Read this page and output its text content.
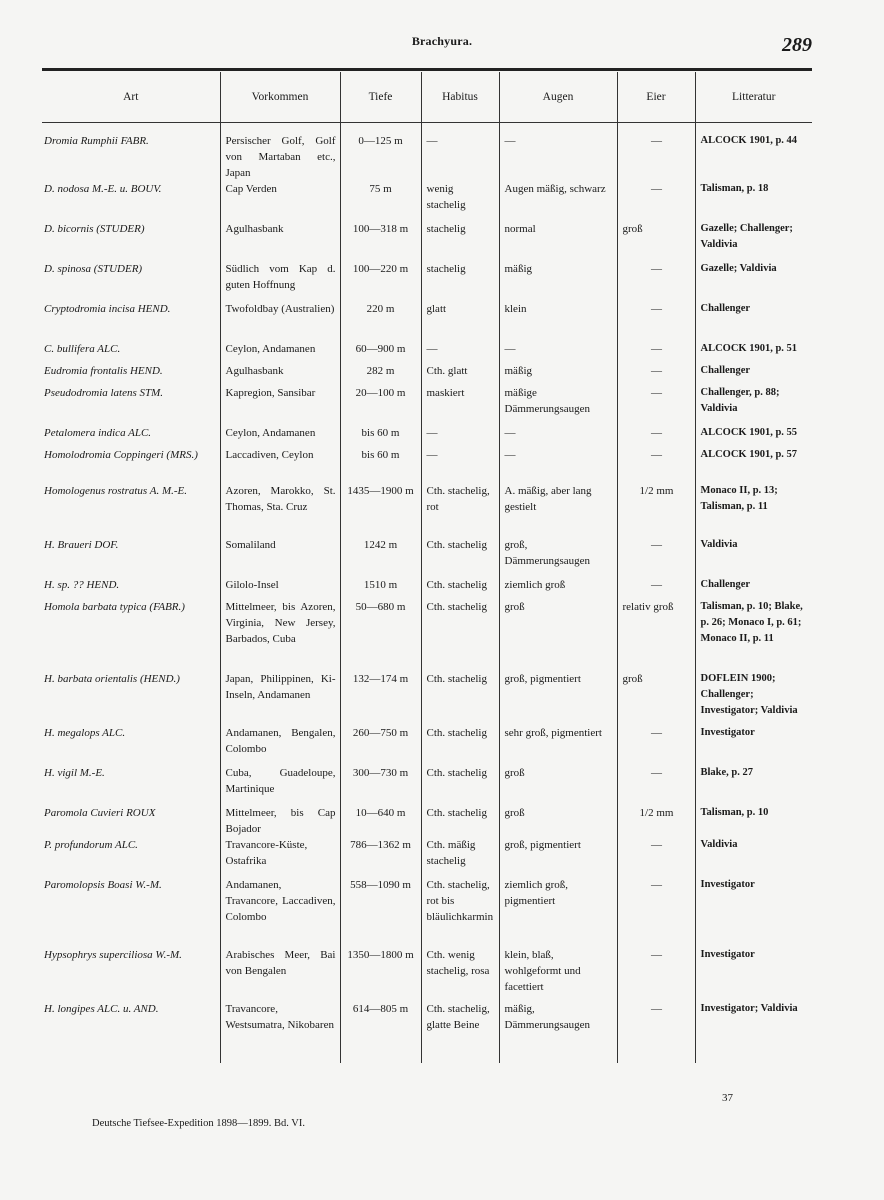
Brachyura.	289
Art	Vorkommen	Tiefe	Habitus	Augen	Eier	Litteratur
Dromia Rumphii FABR.	Persischer Golf, Golf von Martaban etc., Japan	0—125 m	—	—	—	ALCOCK 1901, p. 44
D. nodosa M.-E. u. BOUV.	Cap Verden	75 m	wenig stachelig	Augen mäßig, schwarz	—	Talisman, p. 18
D. bicornis (STUDER)	Agulhasbank	100—318 m	stachelig	normal	groß	Gazelle; Challenger; Valdivia
D. spinosa (STUDER)	Südlich vom Kap d. guten Hoffnung	100—220 m	stachelig	mäßig	—	Gazelle; Valdivia
Cryptodromia incisa HEND.	Twofoldbay (Australien)	220 m	glatt	klein	—	Challenger
C. bullifera ALC.	Ceylon, Andamanen	60—900 m	—	—	—	ALCOCK 1901, p. 51
Eudromia frontalis HEND.	Agulhasbank	282 m	Cth. glatt	mäßig	—	Challenger
Pseudodromia latens STM.	Kapregion, Sansibar	20—100 m	maskiert	mäßige Dämmerungsaugen	—	Challenger, p. 88; Valdivia
Petalomera indica ALC.	Ceylon, Andamanen	bis 60 m	—	—	—	ALCOCK 1901, p. 55
Homolodromia Coppingeri (MRS.)	Laccadiven, Ceylon	bis 60 m	—	—	—	ALCOCK 1901, p. 57
Homologenus rostratus A. M.-E.	Azoren, Marokko, St. Thomas, Sta. Cruz	1435—1900 m	Cth. stachelig, rot	A. mäßig, aber lang gestielt	1/2 mm	Monaco II, p. 13; Talisman, p. 11
H. Braueri DOF.	Somaliland	1242 m	Cth. stachelig	groß, Dämmerungsaugen	—	Valdivia
H. sp. ?? HEND.	Gilolo-Insel	1510 m	Cth. stachelig	ziemlich groß	—	Challenger
Homola barbata typica (FABR.)	Mittelmeer, bis Azoren, Virginia, New Jersey, Barbados, Cuba	50—680 m	Cth. stachelig	groß	relativ groß	Talisman, p. 10; Blake, p. 26; Monaco I, p. 61; Monaco II, p. 11
H. barbata orientalis (HEND.)	Japan, Philippinen, Ki-Inseln, Andamanen	132—174 m	Cth. stachelig	groß, pigmentiert	groß	DOFLEIN 1900; Challenger; Investigator; Valdivia
H. megalops ALC.	Andamanen, Bengalen, Colombo	260—750 m	Cth. stachelig	sehr groß, pigmentiert	—	Investigator
H. vigil M.-E.	Cuba, Guadeloupe, Martinique	300—730 m	Cth. stachelig	groß	—	Blake, p. 27
Paromola Cuvieri ROUX	Mittelmeer, bis Cap Bojador	10—640 m	Cth. stachelig	groß	1/2 mm	Talisman, p. 10
P. profundorum ALC.	Travancore-Küste, Ostafrika	786—1362 m	Cth. mäßig stachelig	groß, pigmentiert	—	Valdivia
Paromolopsis Boasi W.-M.	Andamanen, Travancore, Laccadiven, Colombo	558—1090 m	Cth. stachelig, rot bis bläulichkarmin	ziemlich groß, pigmentiert	—	Investigator
Hypsophrys superciliosa W.-M.	Arabisches Meer, Bai von Bengalen	1350—1800 m	Cth. wenig stachelig, rosa	klein, blaß, wohlgeformt und facettiert	—	Investigator
H. longipes ALC. u. AND.	Travancore, Westsumatra, Nikobaren	614—805 m	Cth. stachelig, glatte Beine	mäßig, Dämmerungsaugen	—	Investigator; Valdivia
37
Deutsche Tiefsee-Expedition 1898—1899. Bd. VI.
